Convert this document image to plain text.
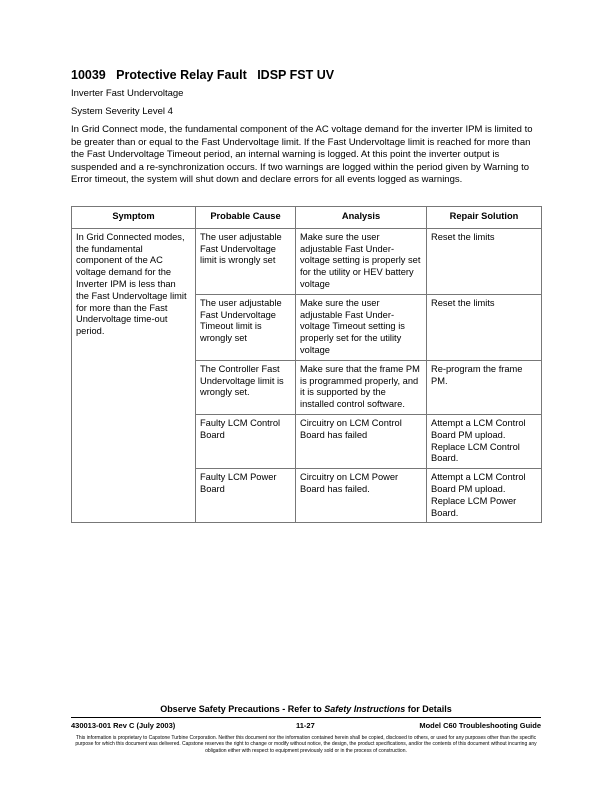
10039   Protective Relay Fault   IDSP FST UV
Inverter Fast Undervoltage
System Severity Level 4
In Grid Connect mode, the fundamental component of the AC voltage demand for the inverter IPM is limited to be greater than or equal to the Fast Undervoltage limit. If the Fast Undervoltage limit is reached for more than the Fast Undervoltage Timeout period, an internal warning is logged. At this point the inverter output is suspended and a re-synchronization occurs. If two warnings are logged within the period given by Warning to Error timeout, the system will shut down and declare errors for all events logged as warnings.
Symptom	Probable Cause	Analysis	Repair Solution
In Grid Connected modes, the fundamental component of the AC voltage demand for the Inverter IPM is less than the Fast Undervoltage limit for more than the Fast Undervoltage time-out period.	The user adjustable Fast Undervoltage limit is wrongly set	Make sure the user adjustable Fast Under-voltage setting is properly set for the utility or HEV battery voltage	Reset the limits
	The user adjustable Fast Undervoltage Timeout limit is wrongly set	Make sure the user adjustable Fast Under-voltage Timeout setting is properly set for the utility voltage	Reset the limits
	The Controller Fast Undervoltage limit is wrongly set.	Make sure that the frame PM is programmed properly, and it is supported by the installed control software.	Re-program the frame PM.
	Faulty LCM Control Board	Circuitry on LCM Control Board has failed	Attempt a LCM Control Board PM upload. Replace LCM Control Board.
	Faulty LCM Power Board	Circuitry on LCM Power Board has failed.	Attempt a LCM Control Board PM upload. Replace LCM Power Board.
Observe Safety Precautions - Refer to Safety Instructions for Details
430013-001 Rev C (July 2003)	11-27	Model C60 Troubleshooting Guide
This information is proprietary to Capstone Turbine Corporation. Neither this document nor the information contained herein shall be copied, disclosed to others, or used for any purposes other than the specific purpose for which this document was delivered. Capstone reserves the right to change or modify without notice, the design, the product specifications, and/or the contents of this document without incurring any obligation either with respect to equipment previously sold or in the process of construction.
